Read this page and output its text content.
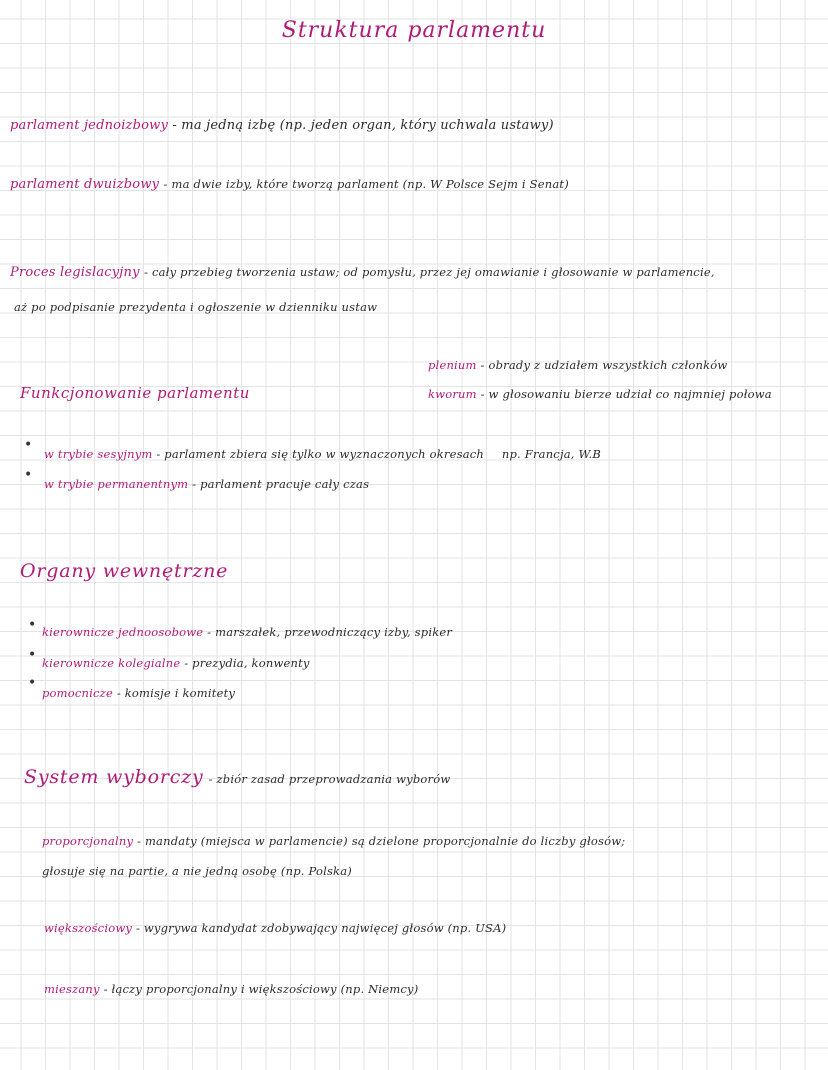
Struktura parlamentu
parlament jednoizbowy - ma jedną izbę (np. jeden organ, który uchwala ustawy)
parlament dwuizbowy - ma dwie izby, które tworzą parlament (np. W Polsce Sejm i Senat)
Proces legislacyjny - cały przebieg tworzenia ustaw; od pomysłu, przez jej omawianie i głosowanie w parlamencie,
aż po podpisanie prezydenta i ogłoszenie w dzienniku ustaw
plenium - obrady z udziałem wszystkich członków
kworum - w głosowaniu bierze udział co najmniej połowa
Funkcjonowanie parlamentu
•
w trybie sesyjnym - parlament zbiera się tylko w wyznaczonych okresach np. Francja, W.B
•
w trybie permanentnym - parlament pracuje cały czas
Organy wewnętrzne
• kierownicze jednoosobowe - marszałek, przewodniczący izby, spiker
• kierownicze kolegialne - prezydia, konwenty
•
pomocnicze - komisje i komitety
System wyborczy - zbiór zasad przeprowadzania wyborów
proporcjonalny - mandaty (miejsca w parlamencie) są dzielone proporcjonalnie do liczby głosów;
głosuje się na partie, a nie jedną osobę (np. Polska)
większościowy - wygrywa kandydat zdobywający najwięcej głosów (np. USA)
mieszany - łączy proporcjonalny i większościowy (np. Niemcy)
